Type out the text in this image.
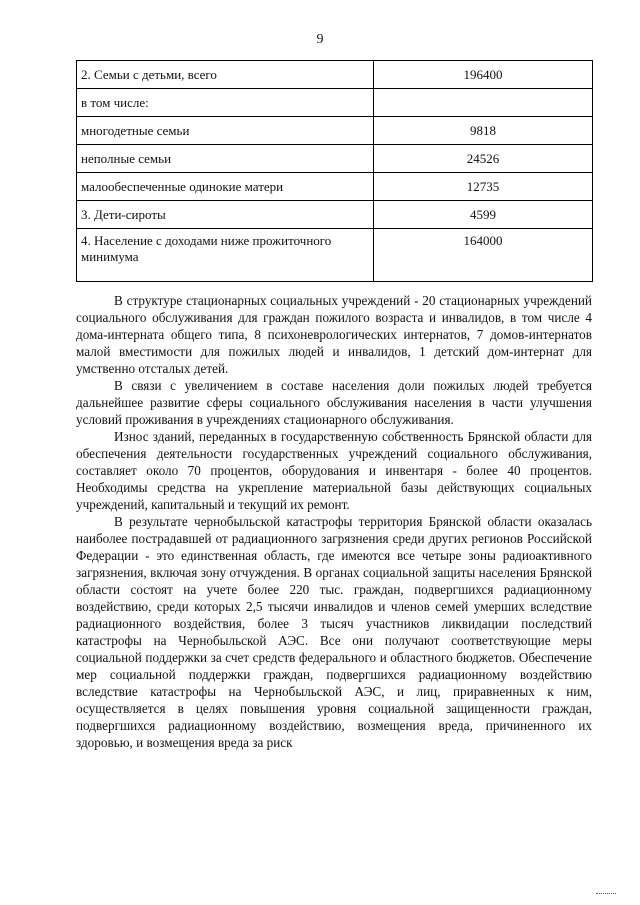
9
2. Семьи с детьми, всего	196400
в том числе:	
многодетные семьи	9818
неполные семьи	24526
малообеспеченные одинокие матери	12735
3. Дети-сироты	4599
4. Население с доходами ниже прожиточного минимума	164000

В структуре стационарных социальных учреждений - 20 стационарных учреждений социального обслуживания для граждан пожилого возраста и инвалидов, в том числе 4 дома-интерната общего типа, 8 психоневрологических интернатов, 7 домов-интернатов малой вместимости для пожилых людей и инвалидов, 1 детский дом-интернат для умственно отсталых детей.

В связи с увеличением в составе населения доли пожилых людей требуется дальнейшее развитие сферы социального обслуживания населения в части улучшения условий проживания в учреждениях стационарного обслуживания.

Износ зданий, переданных в государственную собственность Брянской области для обеспечения деятельности государственных учреждений социального обслуживания, составляет около 70 процентов, оборудования и инвентаря - более 40 процентов. Необходимы средства на укрепление материальной базы действующих социальных учреждений, капитальный и текущий их ремонт.

В результате чернобыльской катастрофы территория Брянской области оказалась наиболее пострадавшей от радиационного загрязнения среди других регионов Российской Федерации - это единственная область, где имеются все четыре зоны радиоактивного загрязнения, включая зону отчуждения. В органах социальной защиты населения Брянской области состоят на учете более 220 тыс. граждан, подвергшихся радиационному воздействию, среди которых 2,5 тысячи инвалидов и членов семей умерших вследствие радиационного воздействия, более 3 тысяч участников ликвидации последствий катастрофы на Чернобыльской АЭС. Все они получают соответствующие меры социальной поддержки за счет средств федерального и областного бюджетов. Обеспечение мер социальной поддержки граждан, подвергшихся радиационному воздействию вследствие катастрофы на Чернобыльской АЭС, и лиц, приравненных к ним, осуществляется в целях повышения уровня социальной защищенности граждан, подвергшихся радиационному воздействию, возмещения вреда, причиненного их здоровью, и возмещения вреда за риск
